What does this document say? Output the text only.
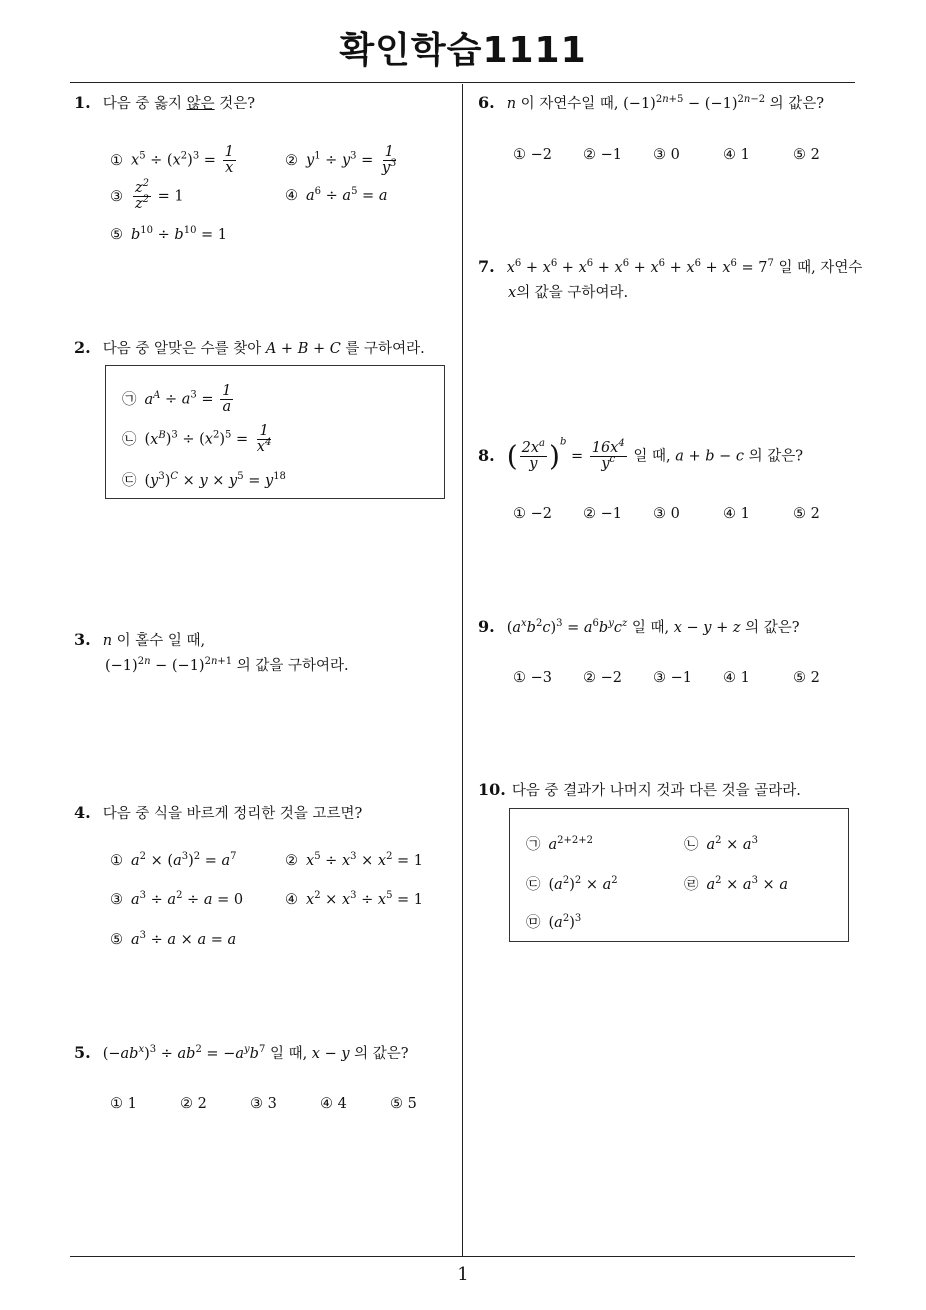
확인학습1111
1
1. 다음 중 옳지 않은 것은?
① $x^5 \div (x^2)^3 = \frac{1}{x}$	② $y^1 \div y^3 = \frac{1}{y^3}$
③ $\frac{z^2}{z^2} = 1$	④ $a^6 \div a^5 = a$
⑤ $b^{10} \div b^{10} = 1$
2. 다음 중 알맞은 수를 찾아 A + B + C 를 구하여라.
㉠ $a^A \div a^3 = \frac{1}{a}$
㉡ $(x^B)^3 \div (x^2)^5 = \frac{1}{x^4}$
㉢ $(y^3)^C \times y \times y^5 = y^{18}$
3. n 이 홀수 일 때,
$(-1)^{2n} - (-1)^{2n+1}$ 의 값을 구하여라.
4. 다음 중 식을 바르게 정리한 것을 고르면?
① $a^2 \times (a^3)^2 = a^7$	② $x^5 \div x^3 \times x^2 = 1$
③ $a^3 \div a^2 \div a = 0$	④ $x^2 \times x^3 \div x^5 = 1$
⑤ $a^3 \div a \times a = a$
5. $(-ab^x)^3 \div ab^2 = -a^yb^7$ 일 때, x − y 의 값은?
① 1	② 2	③ 3	④ 4	⑤ 5
6. n 이 자연수일 때, $(-1)^{2n+5} - (-1)^{2n-2}$ 의 값은?
① −2 ② −1 ③ 0	④ 1	⑤ 2
7. $x^6 + x^6 + x^6 + x^6 + x^6 + x^6 + x^6 = 7^7$ 일 때, 자연수
x의 값을 구하여라.
8. ( $\frac{2x^a}{y} )^b = \frac{16x^4}{y^c}$ 일 때, a + b − c 의 값은?
① −2 ② −1 ③ 0	④ 1	⑤ 2
9. $(a^xb^2c)^3 = a^6b^yc^z$ 일 때, x − y + z 의 값은?
① −3 ② −2 ③ −1 ④ 1	⑤ 2
10. 다음 중 결과가 나머지 것과 다른 것을 골라라.
㉠ $a^{2+2+2}$	㉡ $a^2 \times a^3$
㉢ $(a^2)^2 \times a^2$	㉣ $a^2 \times a^3 \times a$
㉤ $(a^2)^3$
